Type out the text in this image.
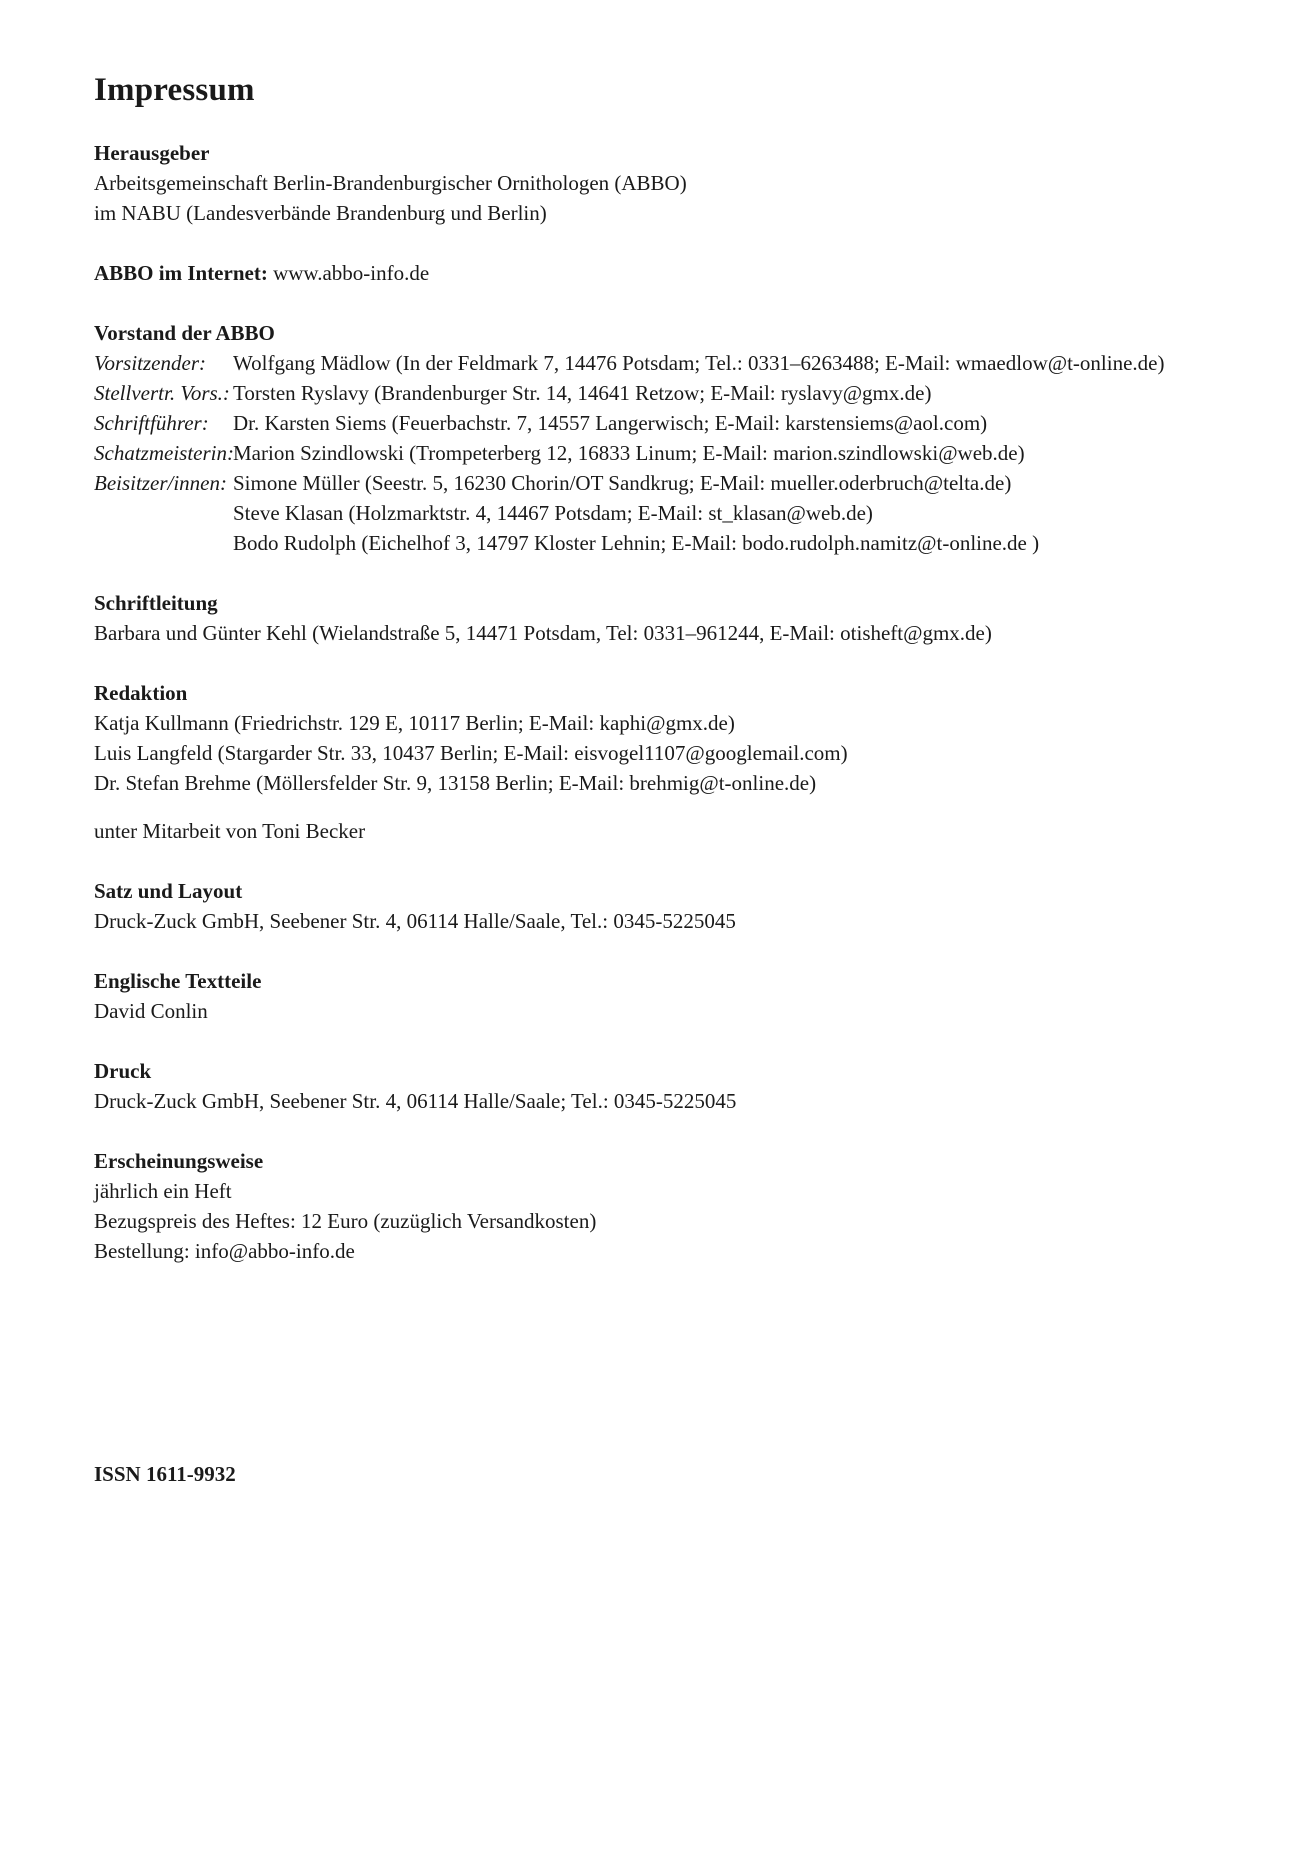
Impressum
Herausgeber
Arbeitsgemeinschaft Berlin-Brandenburgischer Ornithologen (ABBO)
im NABU (Landesverbände Brandenburg und Berlin)
ABBO im Internet: www.abbo-info.de
Vorstand der ABBO
Vorsitzender:	Wolfgang Mädlow (In der Feldmark 7, 14476 Potsdam; Tel.: 0331–6263488; E-Mail: wmaedlow@t-online.de)
Stellvertr. Vors.: Torsten Ryslavy (Brandenburger Str. 14, 14641 Retzow; E-Mail: ryslavy@gmx.de)
Schriftführer:	Dr. Karsten Siems (Feuerbachstr. 7, 14557 Langerwisch; E-Mail: karstensiems@aol.com)
Schatzmeisterin: Marion Szindlowski (Trompeterberg 12, 16833 Linum; E-Mail: marion.szindlowski@web.de)
Beisitzer/innen: Simone Müller (Seestr. 5, 16230 Chorin/OT Sandkrug; E-Mail: mueller.oderbruch@telta.de)
Steve Klasan (Holzmarktstr. 4, 14467 Potsdam; E-Mail: st_klasan@web.de)
Bodo Rudolph (Eichelhof 3, 14797 Kloster Lehnin; E-Mail: bodo.rudolph.namitz@t-online.de )
Schriftleitung
Barbara und Günter Kehl (Wielandstraße 5, 14471 Potsdam, Tel: 0331–961244, E-Mail: otisheft@gmx.de)
Redaktion
Katja Kullmann (Friedrichstr. 129 E, 10117 Berlin; E-Mail: kaphi@gmx.de)
Luis Langfeld (Stargarder Str. 33, 10437 Berlin; E-Mail: eisvogel1107@googlemail.com)
Dr. Stefan Brehme (Möllersfelder Str. 9, 13158 Berlin; E-Mail: brehmig@t-online.de)
unter Mitarbeit von Toni Becker
Satz und Layout
Druck-Zuck GmbH, Seebener Str. 4, 06114 Halle/Saale, Tel.: 0345-5225045
Englische Textteile
David Conlin
Druck
Druck-Zuck GmbH, Seebener Str. 4, 06114 Halle/Saale; Tel.: 0345-5225045
Erscheinungsweise
jährlich ein Heft
Bezugspreis des Heftes: 12 Euro (zuzüglich Versandkosten)
Bestellung: info@abbo-info.de
ISSN 1611-9932
